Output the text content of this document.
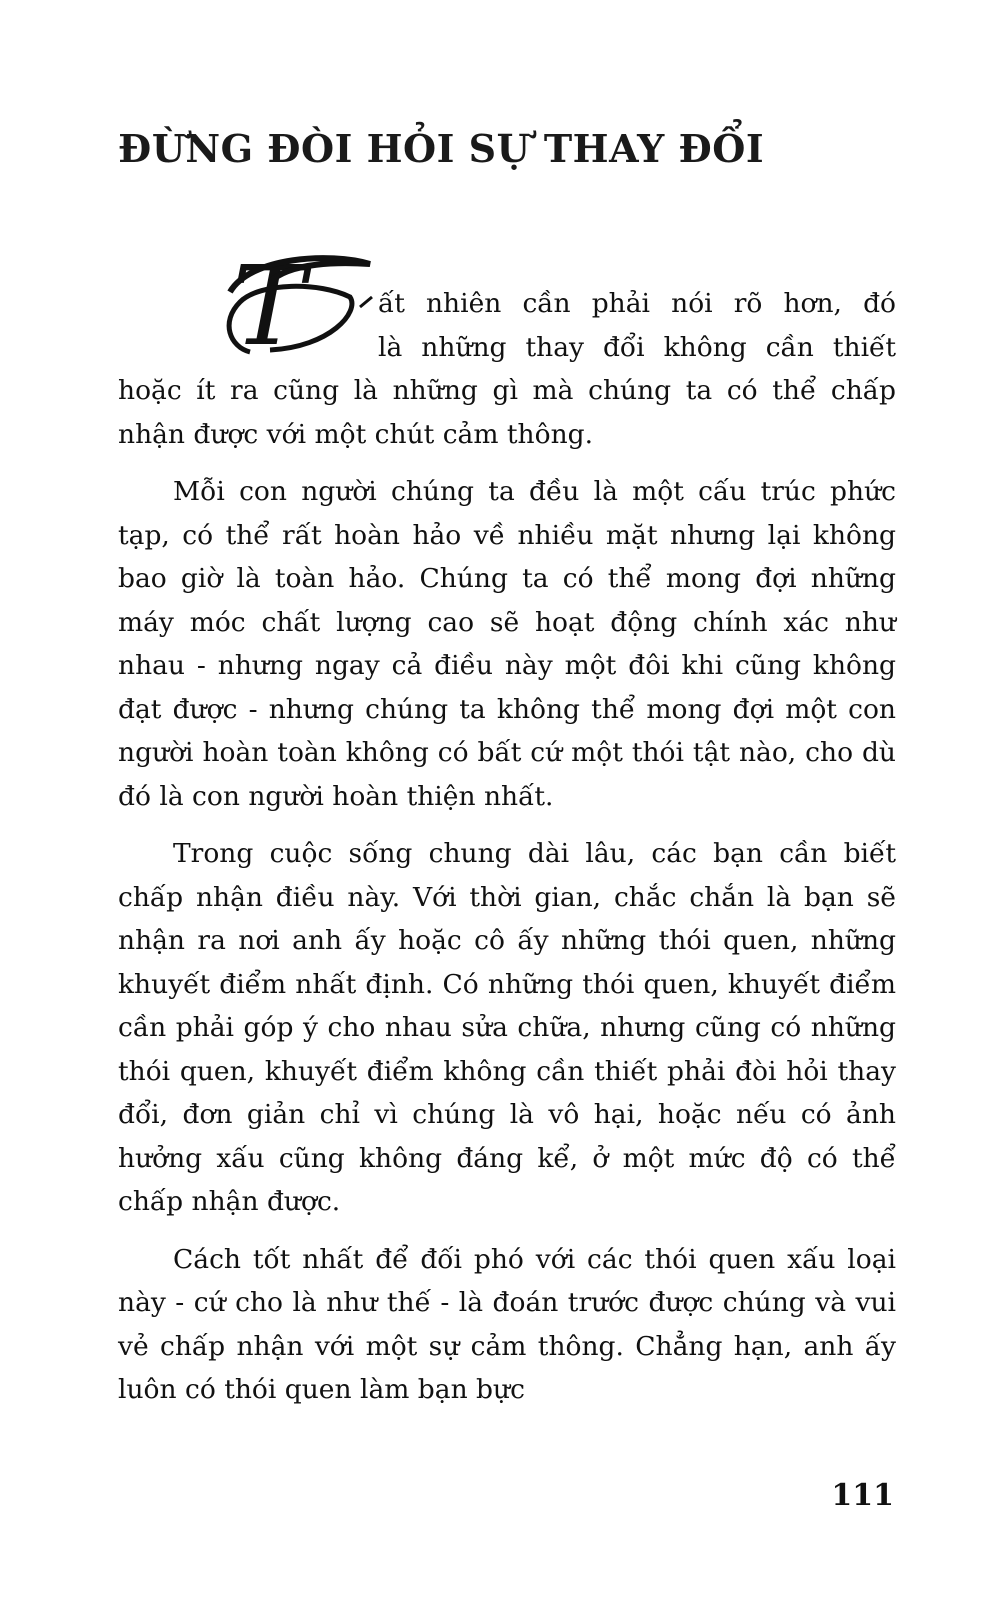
ĐỪNG ĐÒI HỎI SỰ THAY ĐỔI
T	ất nhiên cần phải nói rõ hơn, đó
là những thay đổi không cần thiết
hoặc ít ra cũng là những gì mà chúng ta có thể chấp nhận được với một chút cảm thông.

Mỗi con người chúng ta đều là một cấu trúc phức tạp, có thể rất hoàn hảo về nhiều mặt nhưng lại không bao giờ là toàn hảo. Chúng ta có thể mong đợi những máy móc chất lượng cao sẽ hoạt động chính xác như nhau - nhưng ngay cả điều này một đôi khi cũng không đạt được - nhưng chúng ta không thể mong đợi một con người hoàn toàn không có bất cứ một thói tật nào, cho dù đó là con người hoàn thiện nhất.

Trong cuộc sống chung dài lâu, các bạn cần biết chấp nhận điều này. Với thời gian, chắc chắn là bạn sẽ nhận ra nơi anh ấy hoặc cô ấy những thói quen, những khuyết điểm nhất định. Có những thói quen, khuyết điểm cần phải góp ý cho nhau sửa chữa, nhưng cũng có những thói quen, khuyết điểm không cần thiết phải đòi hỏi thay đổi, đơn giản chỉ vì chúng là vô hại, hoặc nếu có ảnh hưởng xấu cũng không đáng kể, ở một mức độ có thể chấp nhận được.

Cách tốt nhất để đối phó với các thói quen xấu loại này - cứ cho là như thế - là đoán trước được chúng và vui vẻ chấp nhận với một sự cảm thông. Chẳng hạn, anh ấy luôn có thói quen làm bạn bực

111
